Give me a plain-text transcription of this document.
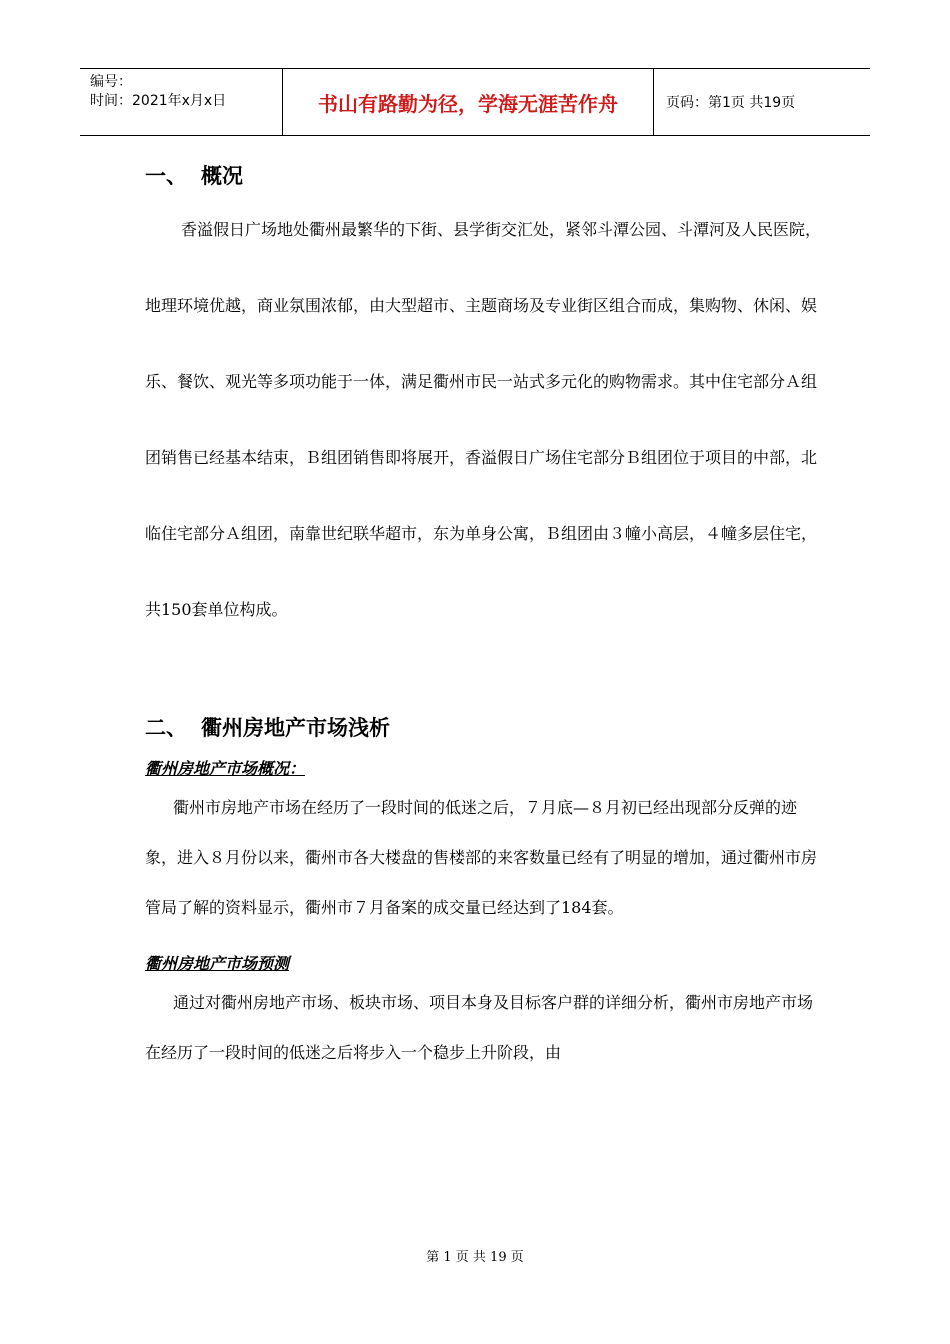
编号：
时间：2021年x月x日	书山有路勤为径，学海无涯苦作舟	页码：第1页 共19页
一、 概况

香溢假日广场地处衢州最繁华的下街、县学街交汇处，紧邻斗潭公园、斗潭河及人民医院，地理环境优越，商业氛围浓郁，由大型超市、主题商场及专业街区组合而成，集购物、休闲、娱乐、餐饮、观光等多项功能于一体，满足衢州市民一站式多元化的购物需求。其中住宅部分Ａ组团销售已经基本结束，Ｂ组团销售即将展开，香溢假日广场住宅部分Ｂ组团位于项目的中部，北临住宅部分Ａ组团，南靠世纪联华超市，东为单身公寓，Ｂ组团由３幢小高层，４幢多层住宅，共150套单位构成。

二、 衢州房地产市场浅析

衢州房地产市场概况：

衢州市房地产市场在经历了一段时间的低迷之后，７月底—８月初已经出现部分反弹的迹象，进入８月份以来，衢州市各大楼盘的售楼部的来客数量已经有了明显的增加，通过衢州市房管局了解的资料显示，衢州市７月备案的成交量已经达到了184套。

衢州房地产市场预测

通过对衢州房地产市场、板块市场、项目本身及目标客户群的详细分析，衢州市房地产市场在经历了一段时间的低迷之后将步入一个稳步上升阶段，由

第 1 页 共 19 页
